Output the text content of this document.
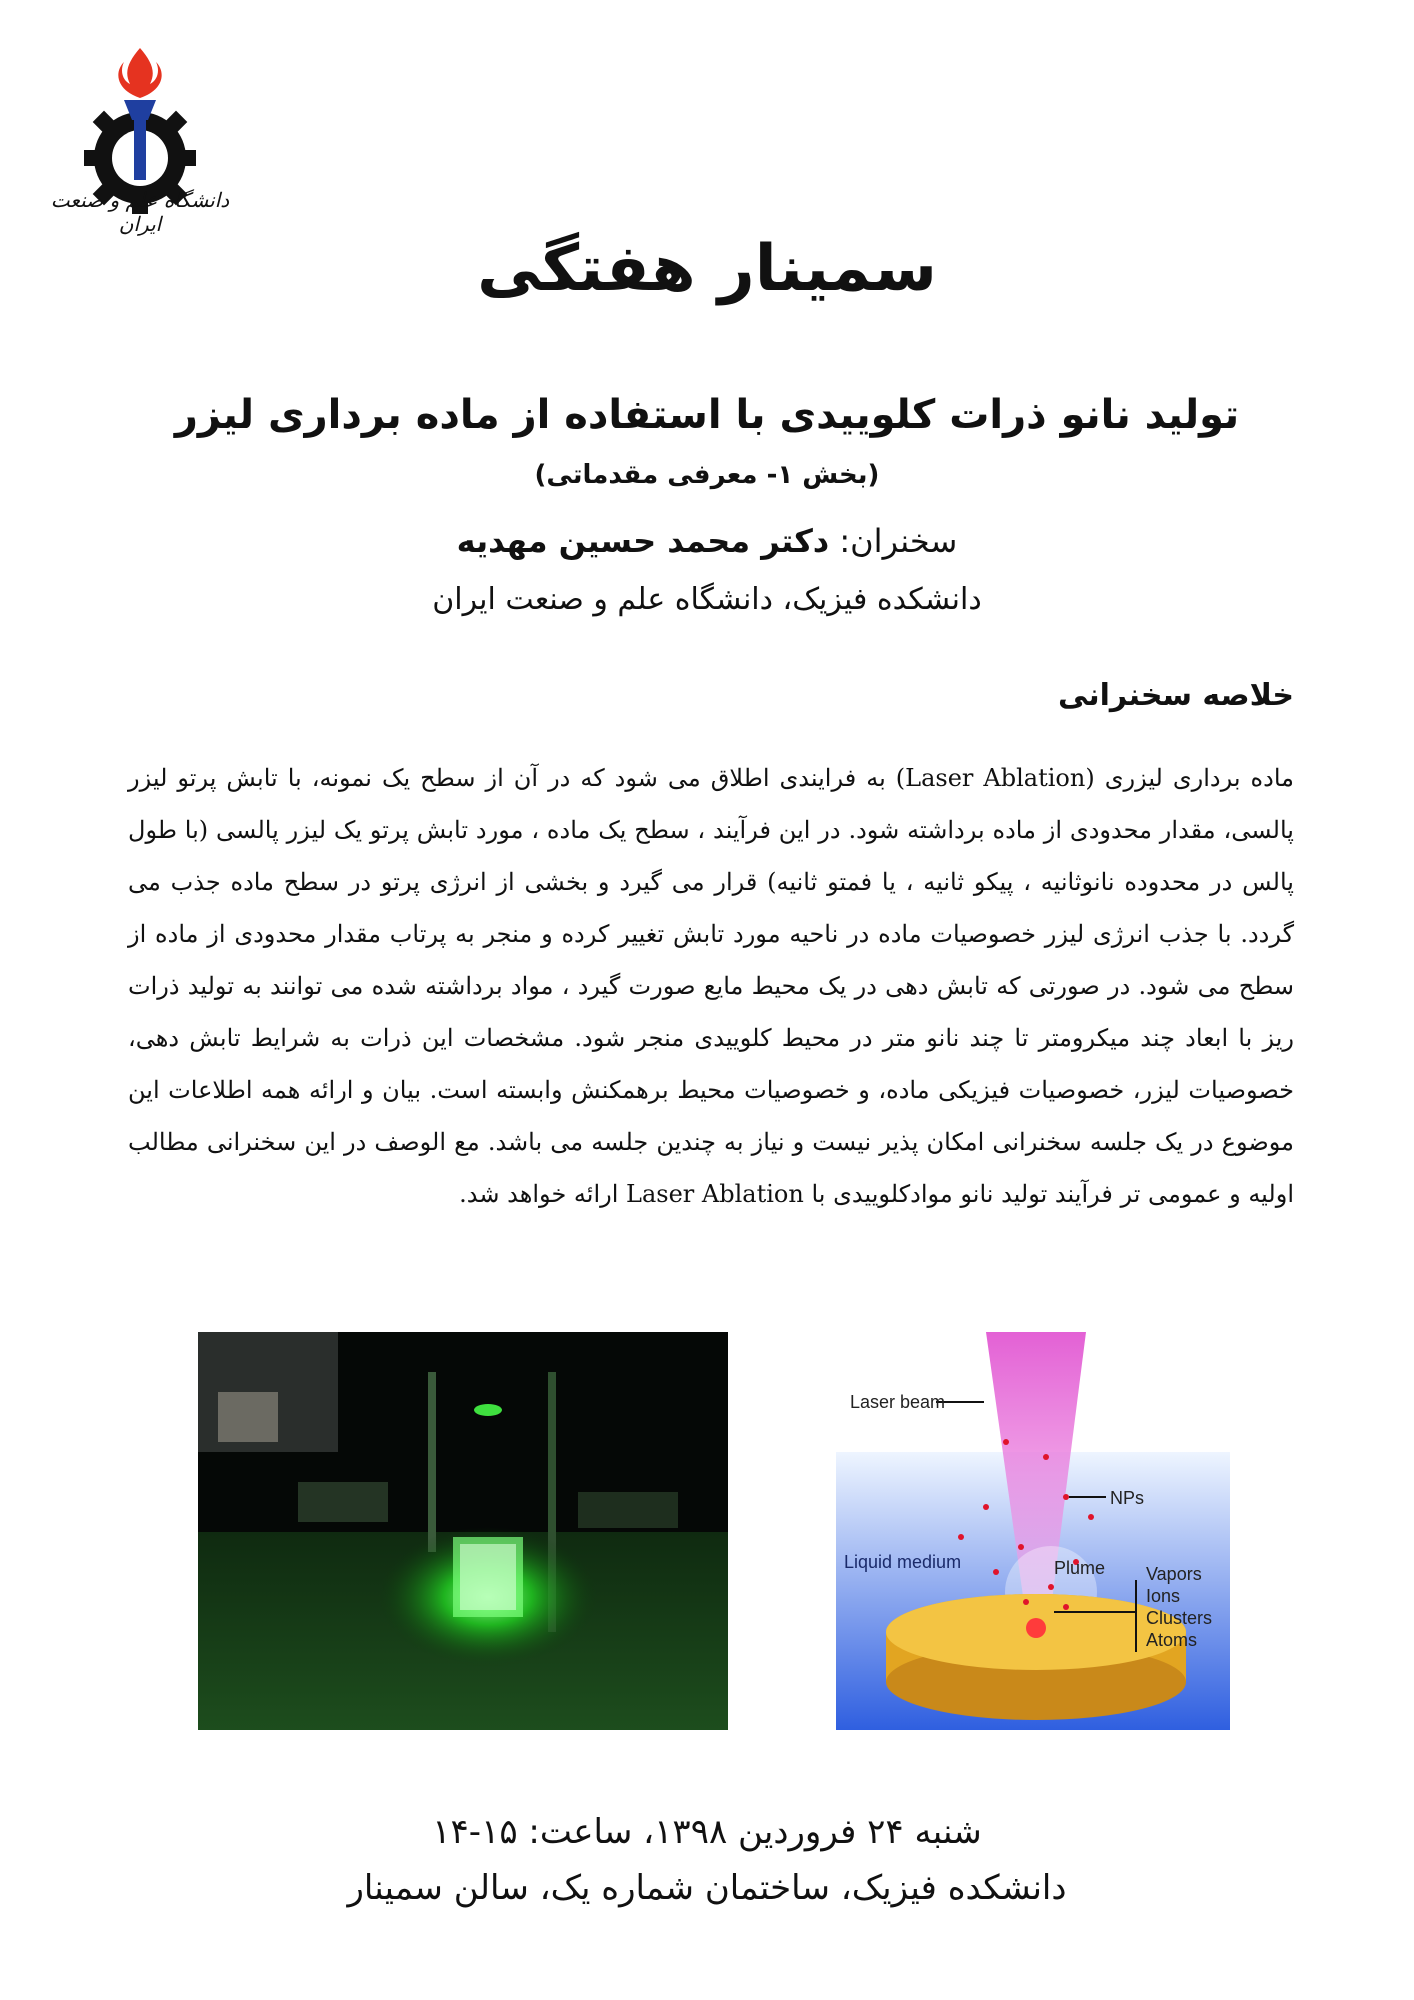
دانشگاه علم و صنعت ایران
سمینار هفتگی
تولید نانو ذرات کلوییدی با استفاده از ماده برداری لیزر
(بخش ۱- معرفی مقدماتی)
سخنران: دکتر محمد حسین مهدیه
دانشکده فیزیک، دانشگاه علم و صنعت ایران
خلاصه سخنرانی
ماده برداری لیزری (Laser Ablation) به فرایندی اطلاق می شود که در آن از سطح یک نمونه، با تابش پرتو لیزر پالسی، مقدار محدودی از ماده برداشته شود. در این فرآیند ، سطح یک ماده ، مورد تابش پرتو یک لیزر پالسی (با طول پالس در محدوده نانوثانیه ، پیکو ثانیه ، یا فمتو ثانیه) قرار می گیرد و بخشی از انرژی پرتو در سطح ماده جذب می گردد. با جذب انرژی لیزر خصوصیات ماده در ناحیه مورد تابش تغییر کرده و منجر به پرتاب مقدار محدودی از ماده از سطح می شود. در صورتی که تابش دهی در یک محیط مایع صورت گیرد ، مواد برداشته شده می توانند به تولید ذرات ریز با ابعاد چند میکرومتر تا چند نانو متر در محیط کلوییدی منجر شود. مشخصات این ذرات به شرایط تابش دهی، خصوصیات لیزر، خصوصیات فیزیکی ماده، و خصوصیات محیط برهمکنش وابسته است. بیان و ارائه همه اطلاعات این موضوع در یک جلسه سخنرانی امکان پذیر نیست و نیاز به چندین جلسه می باشد. مع الوصف در این سخنرانی مطالب اولیه و عمومی تر فرآیند تولید نانو موادکلوییدی با Laser Ablation ارائه خواهد شد.
Laser beam
NPs
Liquid medium	Plume Vapors
Ions
Clusters
Atoms
شنبه ۲۴ فروردین ۱۳۹۸، ساعت: ۱۵-۱۴
دانشکده فیزیک، ساختمان شماره یک، سالن سمینار
